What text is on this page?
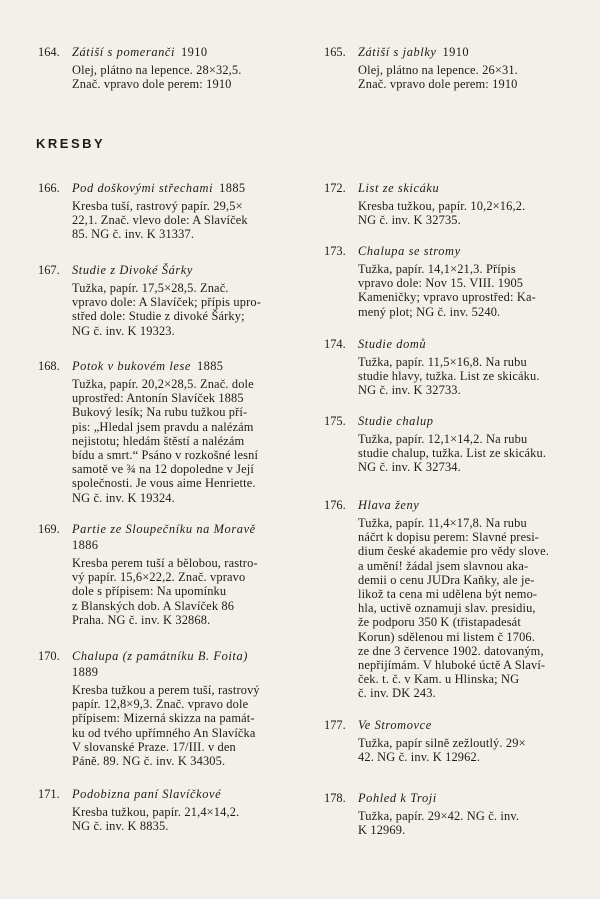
164. Zátiší s pomeranči 1910
Olej, plátno na lepence. 28×32,5.
Znač. vpravo dole perem: 1910
166. Pod doškovými střechami 1885
Kresba tuší, rastrový papír. 29,5×
22,1. Znač. vlevo dole: A Slavíček
85. NG č. inv. K 31337.
167. Studie z Divoké Šárky
Tužka, papír. 17,5×28,5. Znač.
vpravo dole: A Slavíček; přípis upro-
střed dole: Studie z divoké Šárky;
NG č. inv. K 19323.
168. Potok v bukovém lese 1885
Tužka, papír. 20,2×28,5. Znač. dole
uprostřed: Antonín Slavíček 1885
Bukový lesík; Na rubu tužkou pří-
pis: „Hledal jsem pravdu a nalézám
nejistotu; hledám štěstí a nalézám
bídu a smrt.“ Psáno v rozkošné lesní
samotě ve ¾ na 12 dopoledne v Její
společnosti. Je vous aime Henriette.
NG č. inv. K 19324.
169. Partie ze Sloupečníku na Moravě
1886
Kresba perem tuší a bělobou, rastro-
vý papír. 15,6×22,2. Znač. vpravo
dole s přípisem: Na upomínku
z Blanských dob. A Slavíček 86
Praha. NG č. inv. K 32868.
170. Chalupa (z památníku B. Foita)
1889
Kresba tužkou a perem tuší, rastrový
papír. 12,8×9,3. Znač. vpravo dole
přípisem: Mizerná skizza na památ-
ku od tvého upřímného An Slavíčka
V slovanské Praze. 17/III. v den
Páně. 89. NG č. inv. K 34305.
171. Podobizna paní Slavíčkové
Kresba tužkou, papír. 21,4×14,2.
NG č. inv. K 8835.
165. Zátiší s jablky 1910
Olej, plátno na lepence. 26×31.
Znač. vpravo dole perem: 1910
172. List ze skicáku
Kresba tužkou, papír. 10,2×16,2.
NG č. inv. K 32735.
173. Chalupa se stromy
Tužka, papír. 14,1×21,3. Přípis
vpravo dole: Nov 15. VIII. 1905
Kameničky; vpravo uprostřed: Ka-
mený plot; NG č. inv. 5240.
174. Studie domů
Tužka, papír. 11,5×16,8. Na rubu
studie hlavy, tužka. List ze skicáku.
NG č. inv. K 32733.
175. Studie chalup
Tužka, papír. 12,1×14,2. Na rubu
studie chalup, tužka. List ze skicáku.
NG č. inv. K 32734.
176. Hlava ženy
Tužka, papír. 11,4×17,8. Na rubu
náčrt k dopisu perem: Slavné presi-
dium české akademie pro vědy slove.
a umění! žádal jsem slavnou aka-
demii o cenu JUDra Kaňky, ale je-
likož ta cena mi udělena být nemo-
hla, uctivě oznamuji slav. presidiu,
že podporu 350 K (třistapadesát
Korun) sdělenou mi listem č 1706.
ze dne 3 července 1902. datovaným,
nepřijímám. V hluboké úctě A Slaví-
ček. t. č. v Kam. u Hlinska; NG
č. inv. DK 243.
177. Ve Stromovce
Tužka, papír silně zežloutlý. 29×
42. NG č. inv. K 12962.
178. Pohled k Troji
Tužka, papír. 29×42. NG č. inv.
K 12969.
KRESBY
